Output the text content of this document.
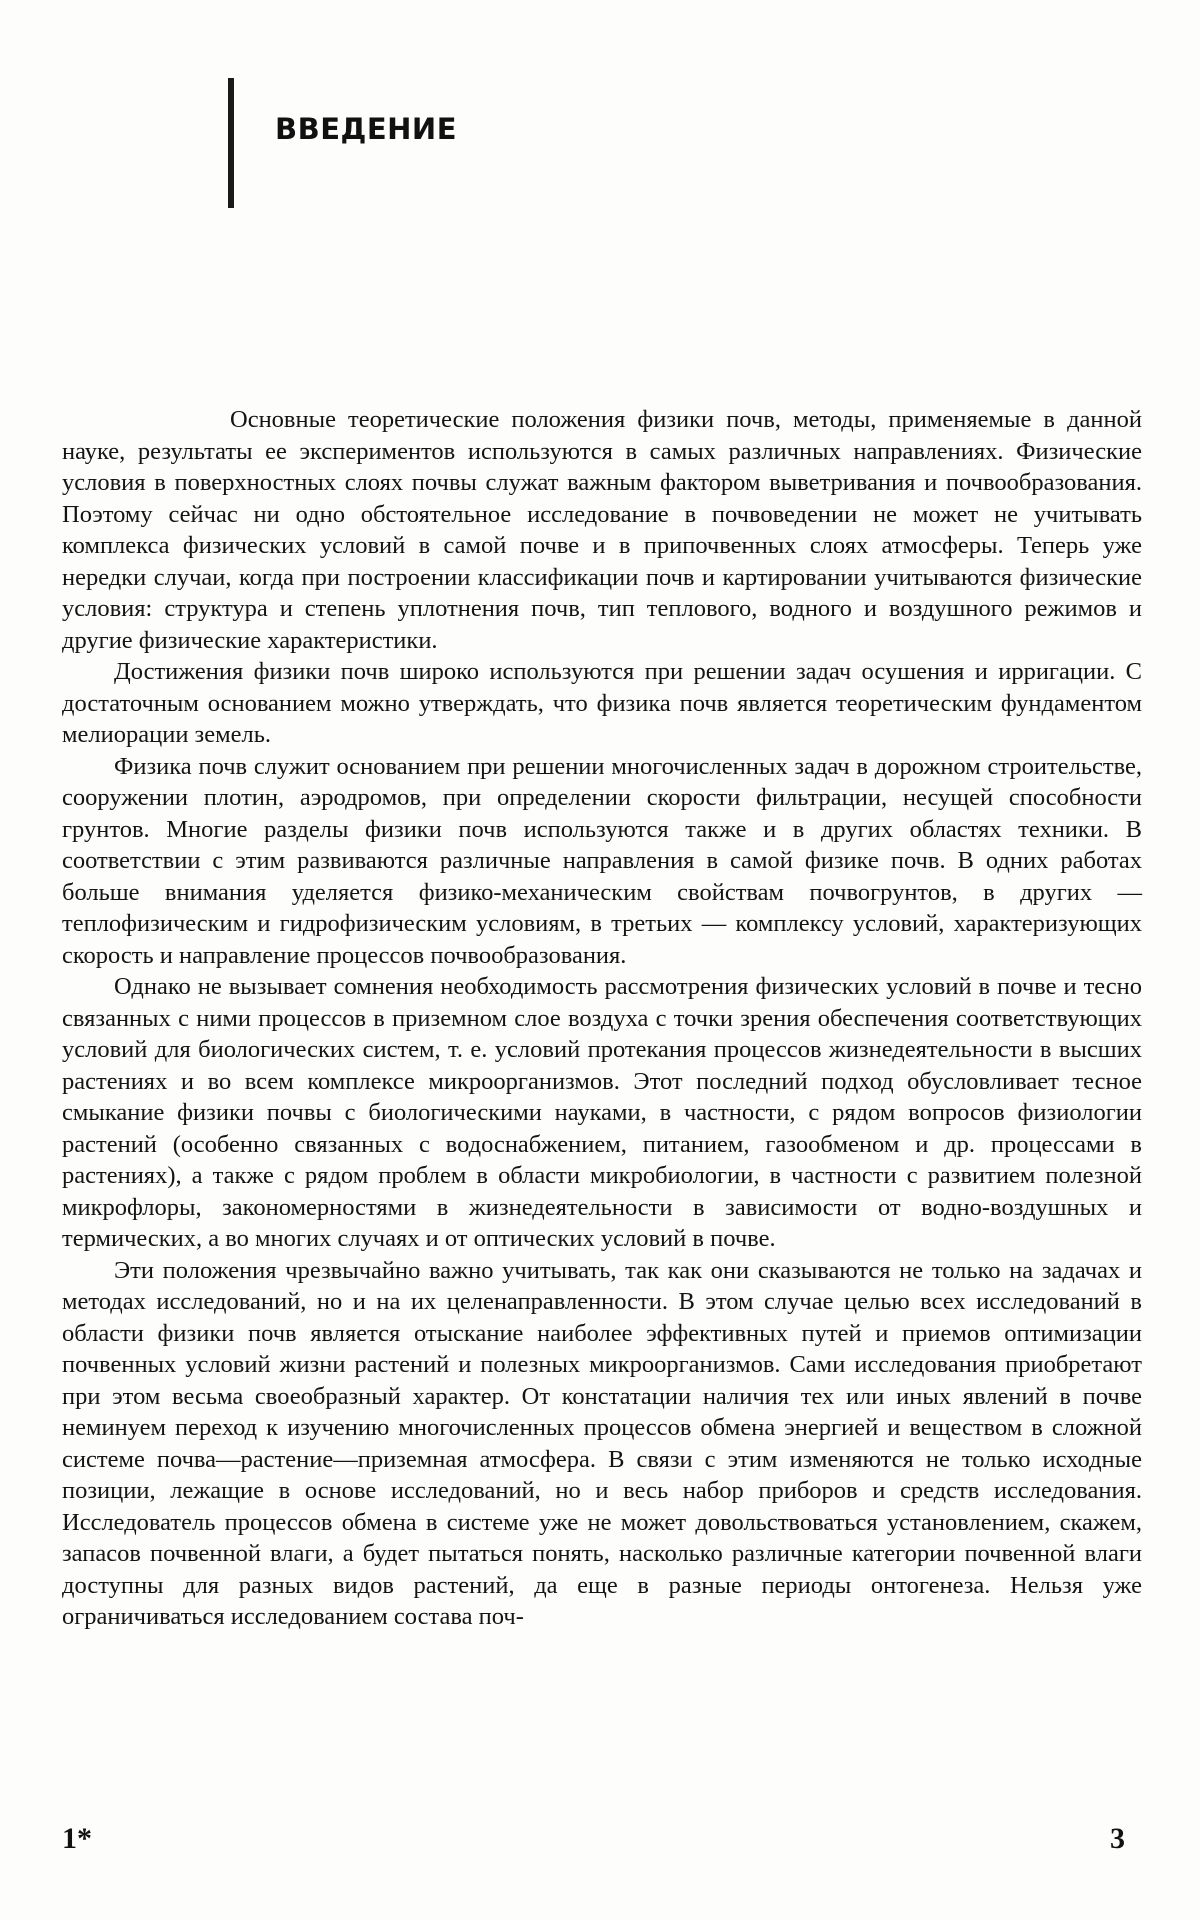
ВВЕДЕНИЕ

Основные теоретические положения физики почв, методы, применяемые в данной науке, результаты ее экспериментов используются в самых различных направлениях. Физические условия в поверхностных слоях почвы служат важным фактором выветривания и почвообразования. Поэтому сейчас ни одно обстоятельное исследование в почвоведении не может не учитывать комплекса физических условий в самой почве и в припочвенных слоях атмосферы. Теперь уже нередки случаи, когда при построении классификации почв и картировании учитываются физические условия: структура и степень уплотнения почв, тип теплового, водного и воздушного режимов и другие физические характеристики.

Достижения физики почв широко используются при решении задач осушения и ирригации. С достаточным основанием можно утверждать, что физика почв является теоретическим фундаментом мелиорации земель.

Физика почв служит основанием при решении многочисленных задач в дорожном строительстве, сооружении плотин, аэродромов, при определении скорости фильтрации, несущей способности грунтов. Многие разделы физики почв используются также и в других областях техники. В соответствии с этим развиваются различные направления в самой физике почв. В одних работах больше внимания уделяется физико-механическим свойствам почвогрунтов, в других — теплофизическим и гидрофизическим условиям, в третьих — комплексу условий, характеризующих скорость и направление процессов почвообразования.

Однако не вызывает сомнения необходимость рассмотрения физических условий в почве и тесно связанных с ними процессов в приземном слое воздуха с точки зрения обеспечения соответствующих условий для биологических систем, т. е. условий протекания процессов жизнедеятельности в высших растениях и во всем комплексе микроорганизмов. Этот последний подход обусловливает тесное смыкание физики почвы с биологическими науками, в частности, с рядом вопросов физиологии растений (особенно связанных с водоснабжением, питанием, газообменом и др. процессами в растениях), а также с рядом проблем в области микробиологии, в частности с развитием полезной микрофлоры, закономерностями в жизнедеятельности в зависимости от водно-воздушных и термических, а во многих случаях и от оптических условий в почве.

Эти положения чрезвычайно важно учитывать, так как они сказываются не только на задачах и методах исследований, но и на их целенаправленности. В этом случае целью всех исследований в области физики почв является отыскание наиболее эффективных путей и приемов оптимизации почвенных условий жизни растений и полезных микроорганизмов. Сами исследования приобретают при этом весьма своеобразный характер. От констатации наличия тех или иных явлений в почве неминуем переход к изучению многочисленных процессов обмена энергией и веществом в сложной системе почва—растение—приземная атмосфера. В связи с этим изменяются не только исходные позиции, лежащие в основе исследований, но и весь набор приборов и средств исследования. Исследователь процессов обмена в системе уже не может довольствоваться установлением, скажем, запасов почвенной влаги, а будет пытаться понять, насколько различные категории почвенной влаги доступны для разных видов растений, да еще в разные периоды онтогенеза. Нельзя уже ограничиваться исследованием состава поч-

1*	3
